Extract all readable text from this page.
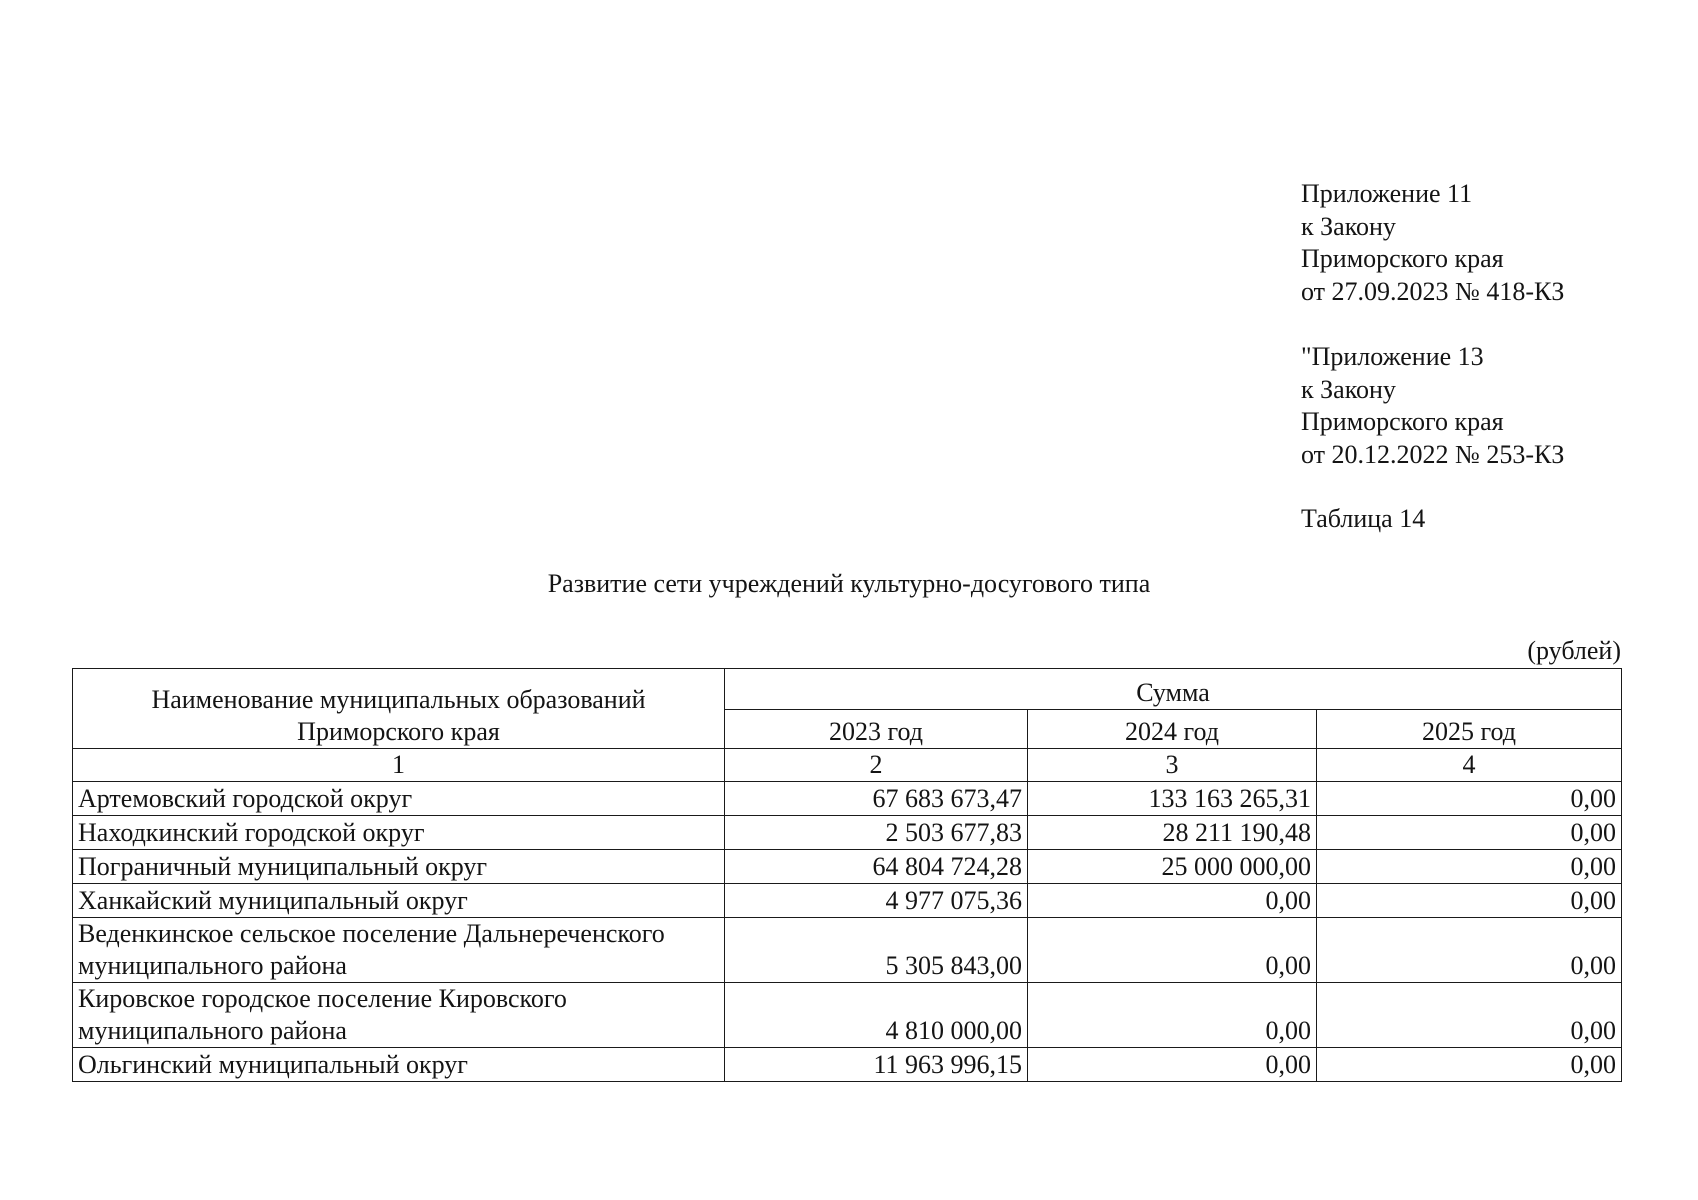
Приложение 11
к Закону
Приморского края
от 27.09.2023 № 418-КЗ
"Приложение 13
к Закону
Приморского края
от 20.12.2022 № 253-КЗ
Таблица 14
Развитие сети учреждений культурно-досугового типа
(рублей)
Наименование муниципальных образований Приморского края	Сумма		
	2023 год	2024 год	2025 год
1	2	3	4
Артемовский городской округ	67 683 673,47	133 163 265,31	0,00
Находкинский городской округ	2 503 677,83	28 211 190,48	0,00
Пограничный муниципальный округ	64 804 724,28	25 000 000,00	0,00
Ханкайский муниципальный округ	4 977 075,36	0,00	0,00
Веденкинское сельское поселение Дальнереченского муниципального района	5 305 843,00	0,00	0,00
Кировское городское поселение Кировского муниципального района	4 810 000,00	0,00	0,00
Ольгинский муниципальный округ	11 963 996,15	0,00	0,00
